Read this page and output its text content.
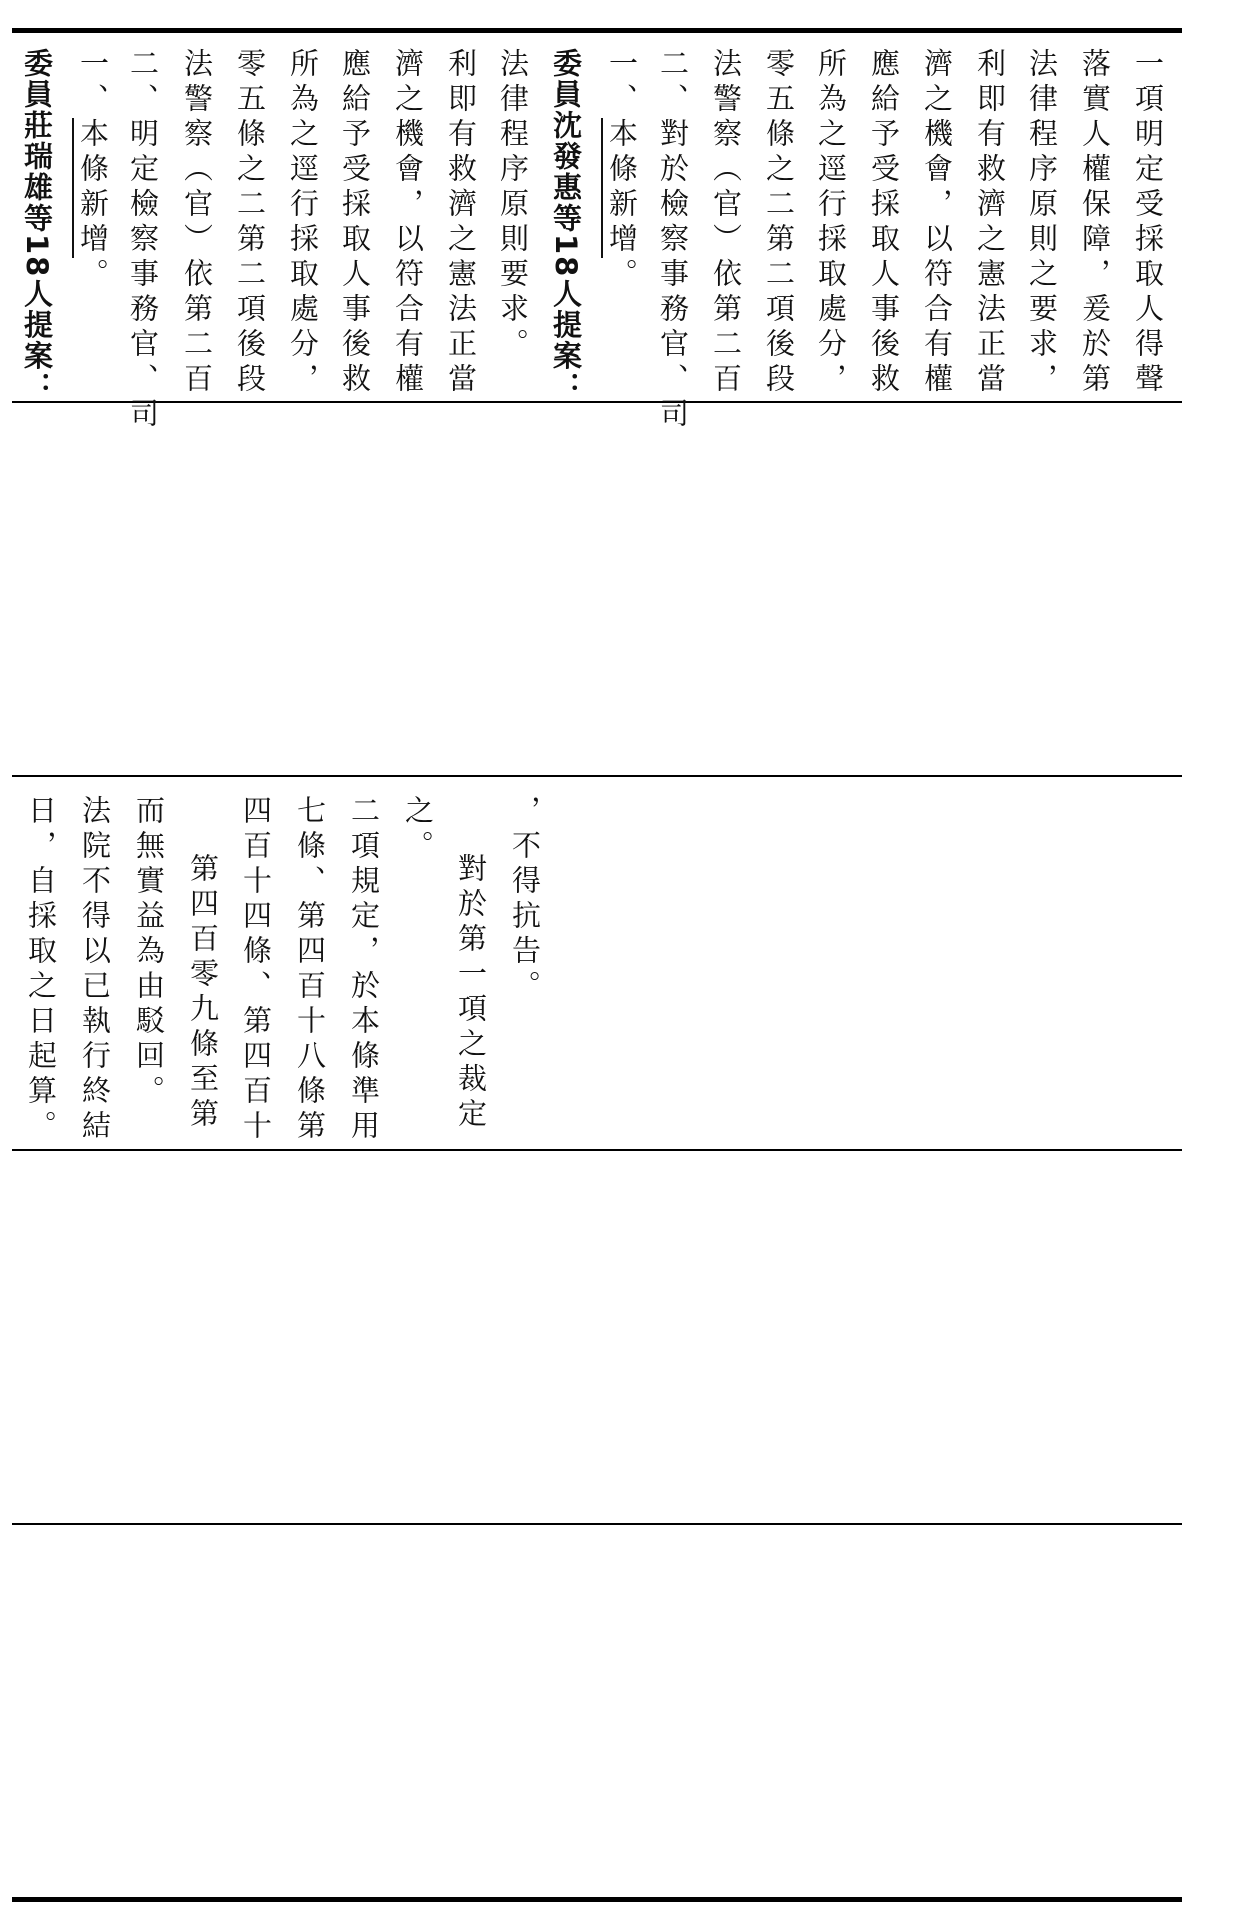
委員莊瑞雄等18人提案： 一、本條新增。 二、明定檢察事務官、司 法警察（官）依第二百 零五條之二第二項後段 所為之逕行採取處分， 應給予受採取人事後救 濟之機會，以符合有權 利即有救濟之憲法正當 法律程序原則要求。 委員沈發惠等18人提案： 一、本條新增。 二、對於檢察事務官、司 法警察（官）依第二百 零五條之二第二項後段 所為之逕行採取處分， 應給予受採取人事後救 濟之機會，以符合有權 利即有救濟之憲法正當 法律程序原則之要求， 落實人權保障，爰於第 一項明定受採取人得聲
日，自採取之日起算。 法院不得以已執行終結 而無實益為由駁回。 第四百零九條至第 四百十四條、第四百十 七條、第四百十八條第 二項規定，於本條準用 之。
對於第一項之裁定 ，不得抗告。
